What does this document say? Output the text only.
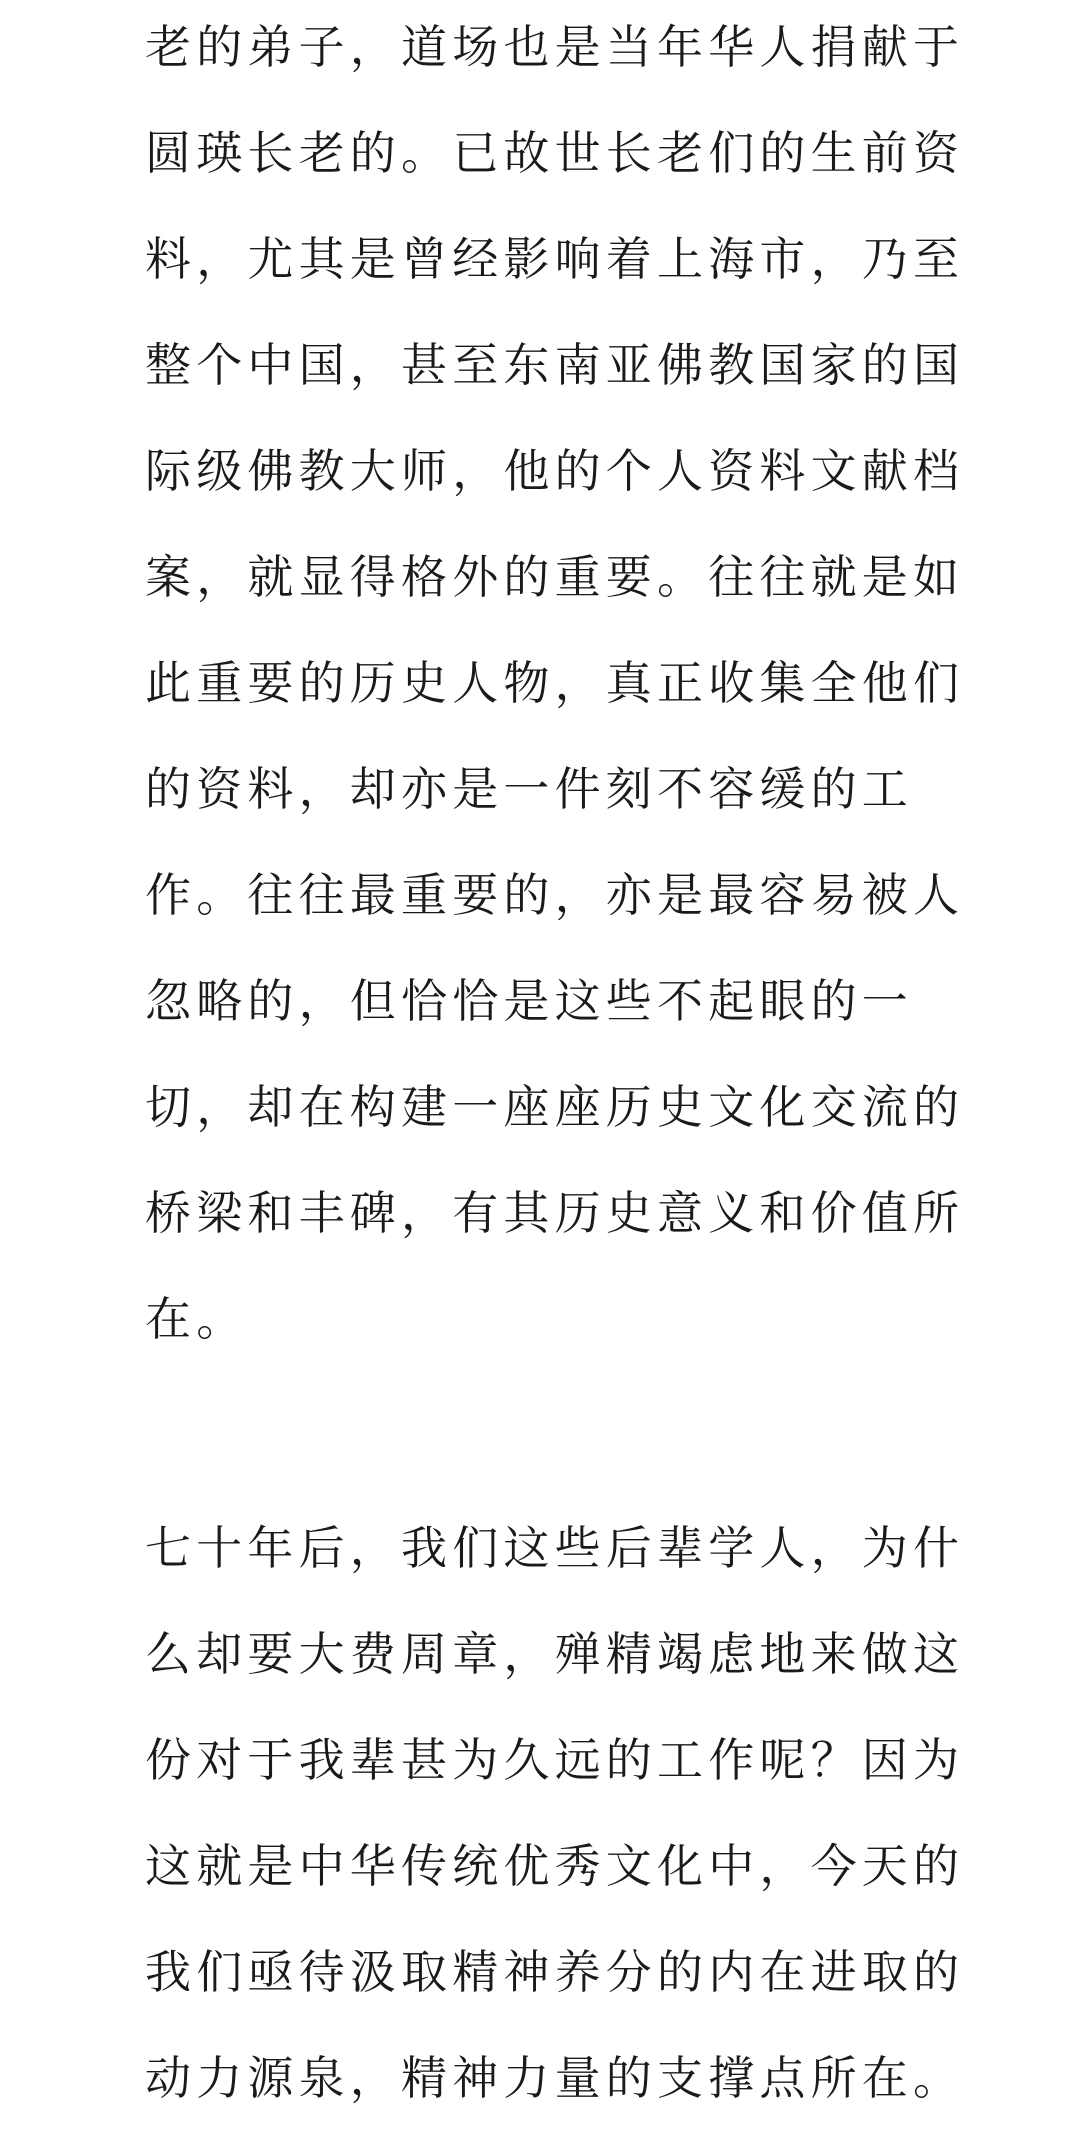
老的弟子，道场也是当年华人捐献于
圆瑛长老的。已故世长老们的生前资
料，尤其是曾经影响着上海市，乃至
整个中国，甚至东南亚佛教国家的国
际级佛教大师，他的个人资料文献档
案，就显得格外的重要。往往就是如
此重要的历史人物，真正收集全他们
的资料，却亦是一件刻不容缓的工
作。往往最重要的，亦是最容易被人
忽略的，但恰恰是这些不起眼的一
切，却在构建一座座历史文化交流的
桥梁和丰碑，有其历史意义和价值所
在。
七十年后，我们这些后辈学人，为什
么却要大费周章，殚精竭虑地来做这
份对于我辈甚为久远的工作呢？因为
这就是中华传统优秀文化中，今天的
我们亟待汲取精神养分的内在进取的
动力源泉，精神力量的支撑点所在。
